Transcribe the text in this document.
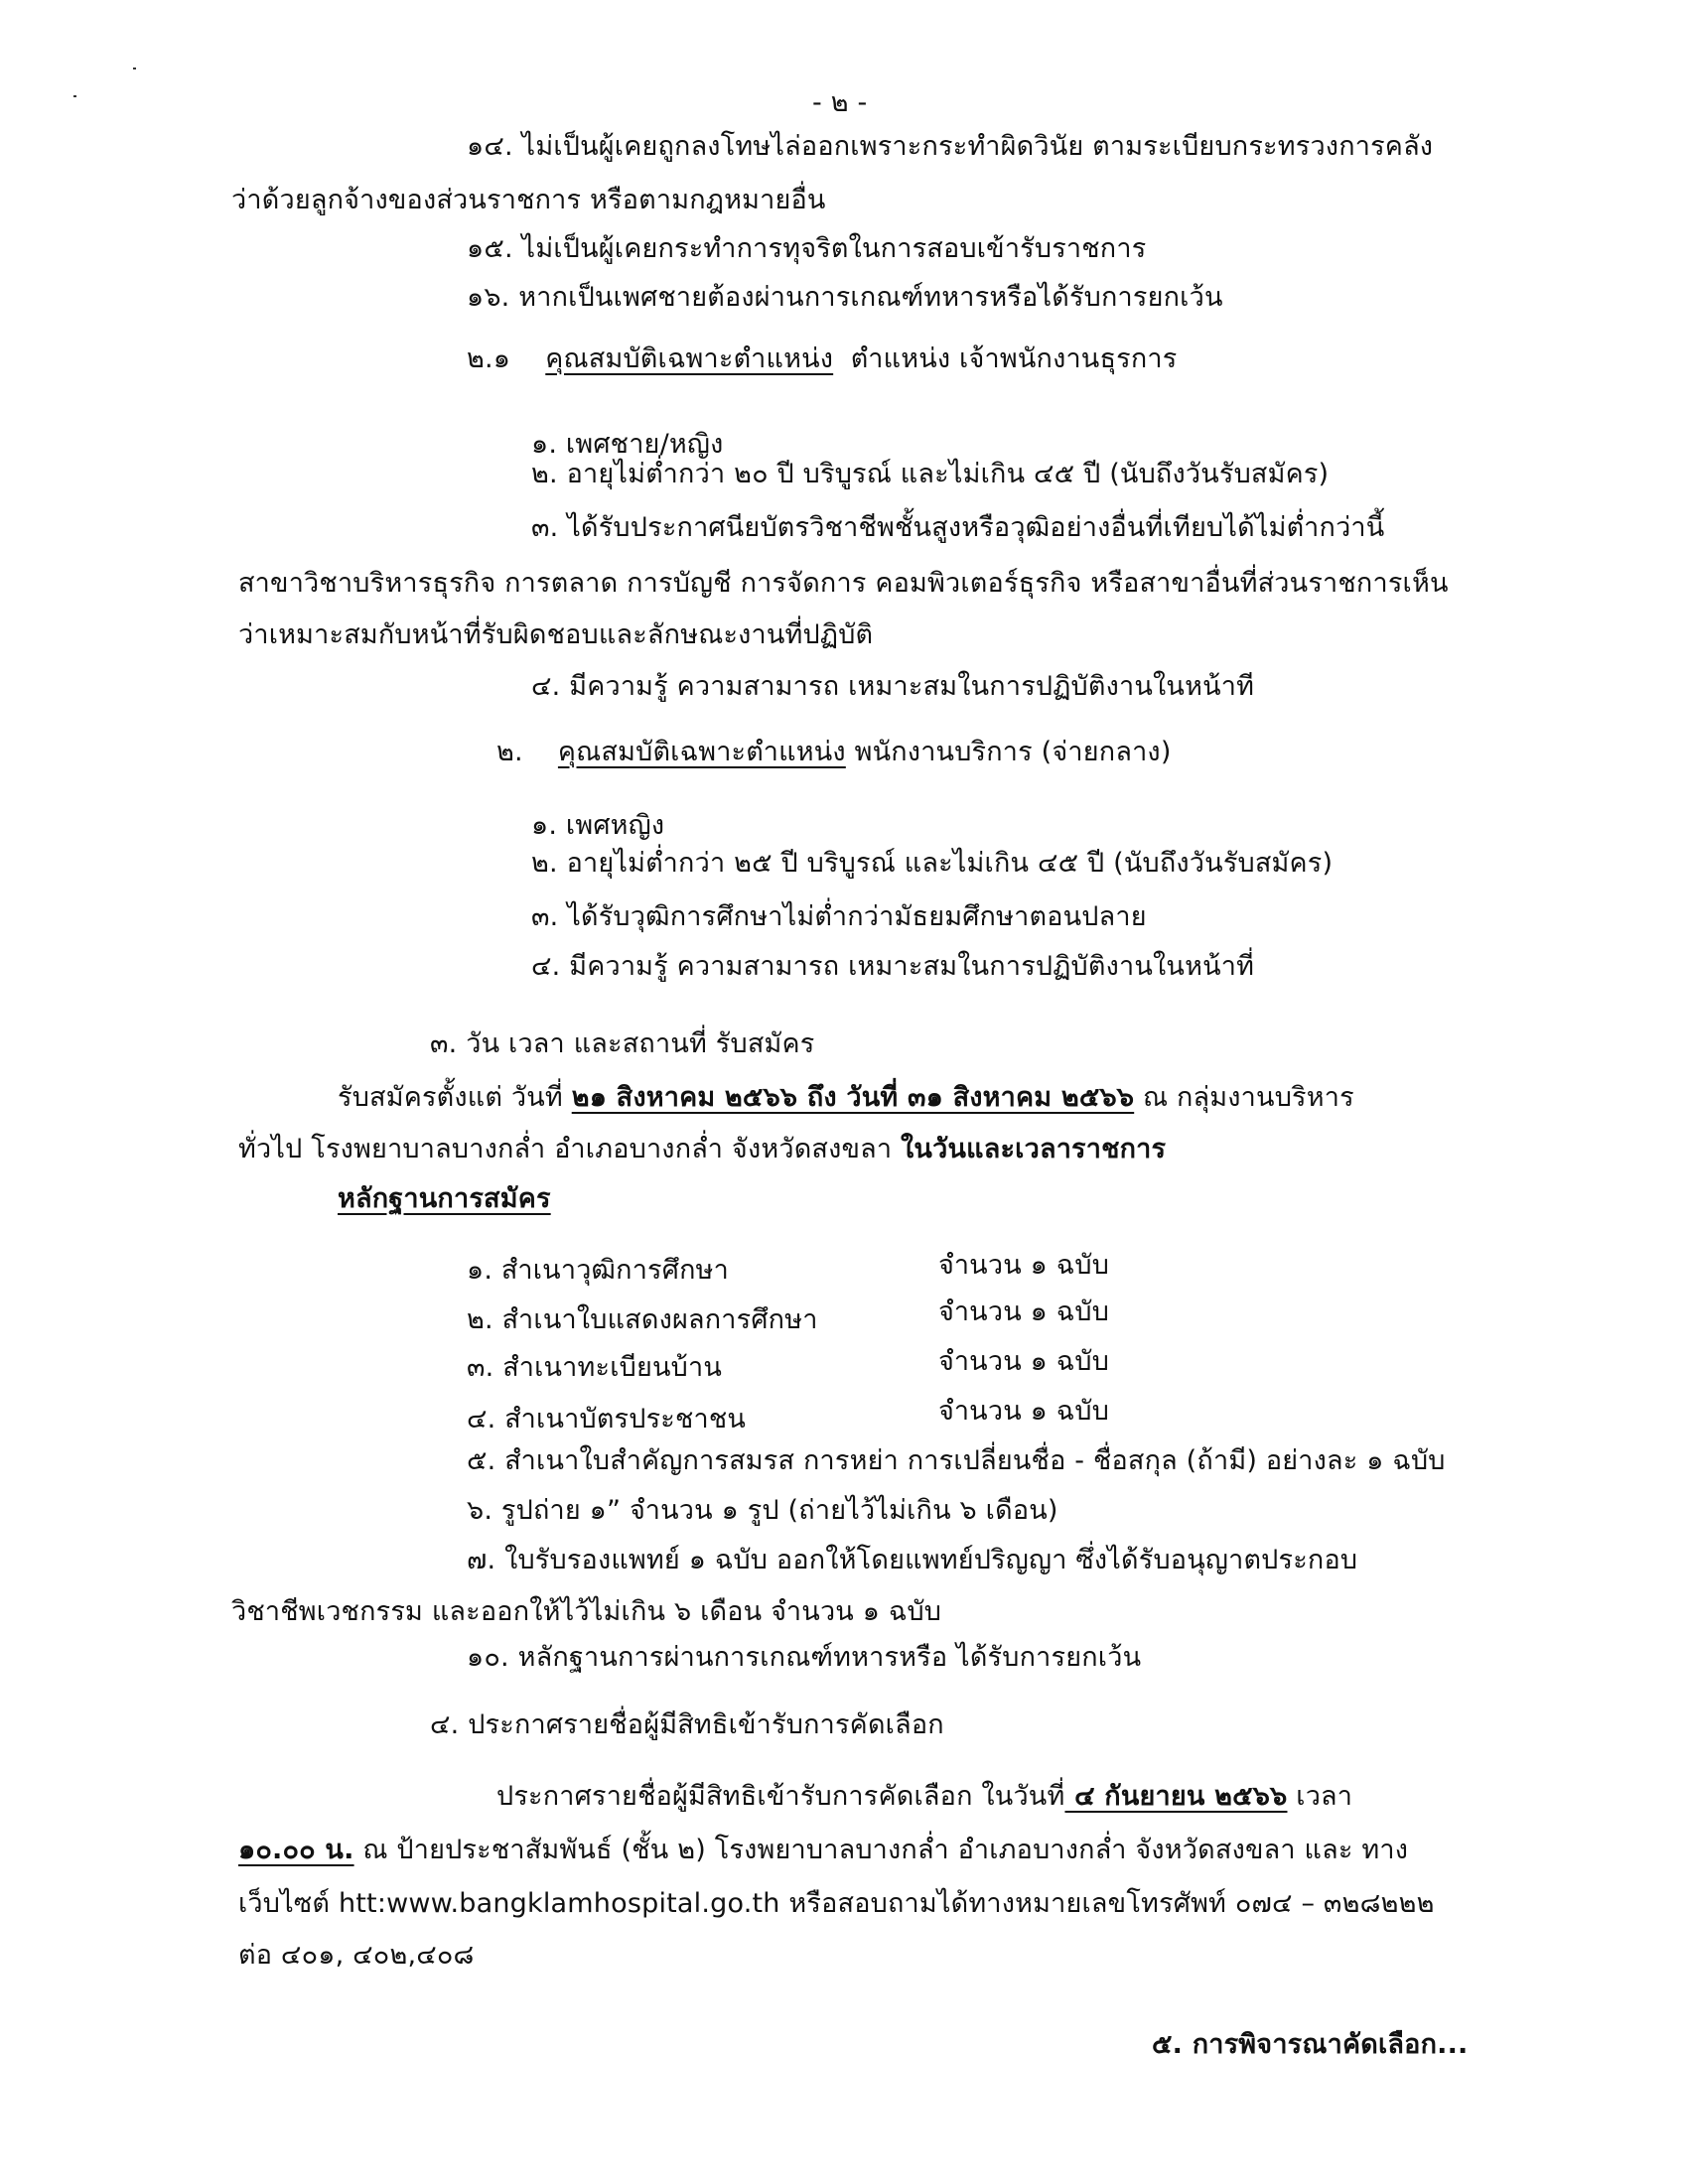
- ๒ -
๑๔. ไม่เป็นผู้เคยถูกลงโทษไล่ออกเพราะกระทำผิดวินัย ตามระเบียบกระทรวงการคลัง
ว่าด้วยลูกจ้างของส่วนราชการ หรือตามกฎหมายอื่น
๑๕. ไม่เป็นผู้เคยกระทำการทุจริตในการสอบเข้ารับราชการ
๑๖. หากเป็นเพศชายต้องผ่านการเกณฑ์ทหารหรือได้รับการยกเว้น
๒.๑ คุณสมบัติเฉพาะตำแหน่ง ตำแหน่ง เจ้าพนักงานธุรการ
๑. เพศชาย/หญิง
๒. อายุไม่ต่ำกว่า ๒๐ ปี บริบูรณ์ และไม่เกิน ๔๕ ปี (นับถึงวันรับสมัคร)
๓. ได้รับประกาศนียบัตรวิชาชีพชั้นสูงหรือวุฒิอย่างอื่นที่เทียบได้ไม่ต่ำกว่านี้
สาขาวิชาบริหารธุรกิจ การตลาด การบัญชี การจัดการ คอมพิวเตอร์ธุรกิจ หรือสาขาอื่นที่ส่วนราชการเห็น
ว่าเหมาะสมกับหน้าที่รับผิดชอบและลักษณะงานที่ปฏิบัติ
๔. มีความรู้ ความสามารถ เหมาะสมในการปฏิบัติงานในหน้าที
๒. คุณสมบัติเฉพาะตำแหน่ง พนักงานบริการ (จ่ายกลาง)
๑. เพศหญิง
๒. อายุไม่ต่ำกว่า ๒๕ ปี บริบูรณ์ และไม่เกิน ๔๕ ปี (นับถึงวันรับสมัคร)
๓. ได้รับวุฒิการศึกษาไม่ต่ำกว่ามัธยมศึกษาตอนปลาย
๔. มีความรู้ ความสามารถ เหมาะสมในการปฏิบัติงานในหน้าที่
๓. วัน เวลา และสถานที่ รับสมัคร
รับสมัครตั้งแต่ วันที่ ๒๑ สิงหาคม ๒๕๖๖ ถึง วันที่ ๓๑ สิงหาคม ๒๕๖๖ ณ กลุ่มงานบริหาร
ทั่วไป โรงพยาบาลบางกล่ำ อำเภอบางกล่ำ จังหวัดสงขลา ในวันและเวลาราชการ
หลักฐานการสมัคร
๑. สำเนาวุฒิการศึกษา	จำนวน ๑ ฉบับ
๒. สำเนาใบแสดงผลการศึกษา	จำนวน ๑ ฉบับ
๓. สำเนาทะเบียนบ้าน	จำนวน ๑ ฉบับ
๔. สำเนาบัตรประชาชน	จำนวน ๑ ฉบับ
๕. สำเนาใบสำคัญการสมรส การหย่า การเปลี่ยนชื่อ - ชื่อสกุล (ถ้ามี) อย่างละ ๑ ฉบับ
๖. รูปถ่าย ๑” จำนวน ๑ รูป (ถ่ายไว้ไม่เกิน ๖ เดือน)
๗. ใบรับรองแพทย์ ๑ ฉบับ ออกให้โดยแพทย์ปริญญา ซึ่งได้รับอนุญาตประกอบ
วิชาชีพเวชกรรม และออกให้ไว้ไม่เกิน ๖ เดือน จำนวน ๑ ฉบับ
๑๐. หลักฐานการผ่านการเกณฑ์ทหารหรือ ได้รับการยกเว้น
๔. ประกาศรายชื่อผู้มีสิทธิเข้ารับการคัดเลือก
ประกาศรายชื่อผู้มีสิทธิเข้ารับการคัดเลือก ในวันที่ ๔ กันยายน ๒๕๖๖ เวลา
๑๐.๐๐ น. ณ ป้ายประชาสัมพันธ์ (ชั้น ๒) โรงพยาบาลบางกล่ำ อำเภอบางกล่ำ จังหวัดสงขลา และ ทาง
เว็บไซต์ htt:www.bangklamhospital.go.th หรือสอบถามได้ทางหมายเลขโทรศัพท์ ๐๗๔ – ๓๒๘๒๒๒
ต่อ ๔๐๑, ๔๐๒,๔๐๘
๕. การพิจารณาคัดเลือก...
